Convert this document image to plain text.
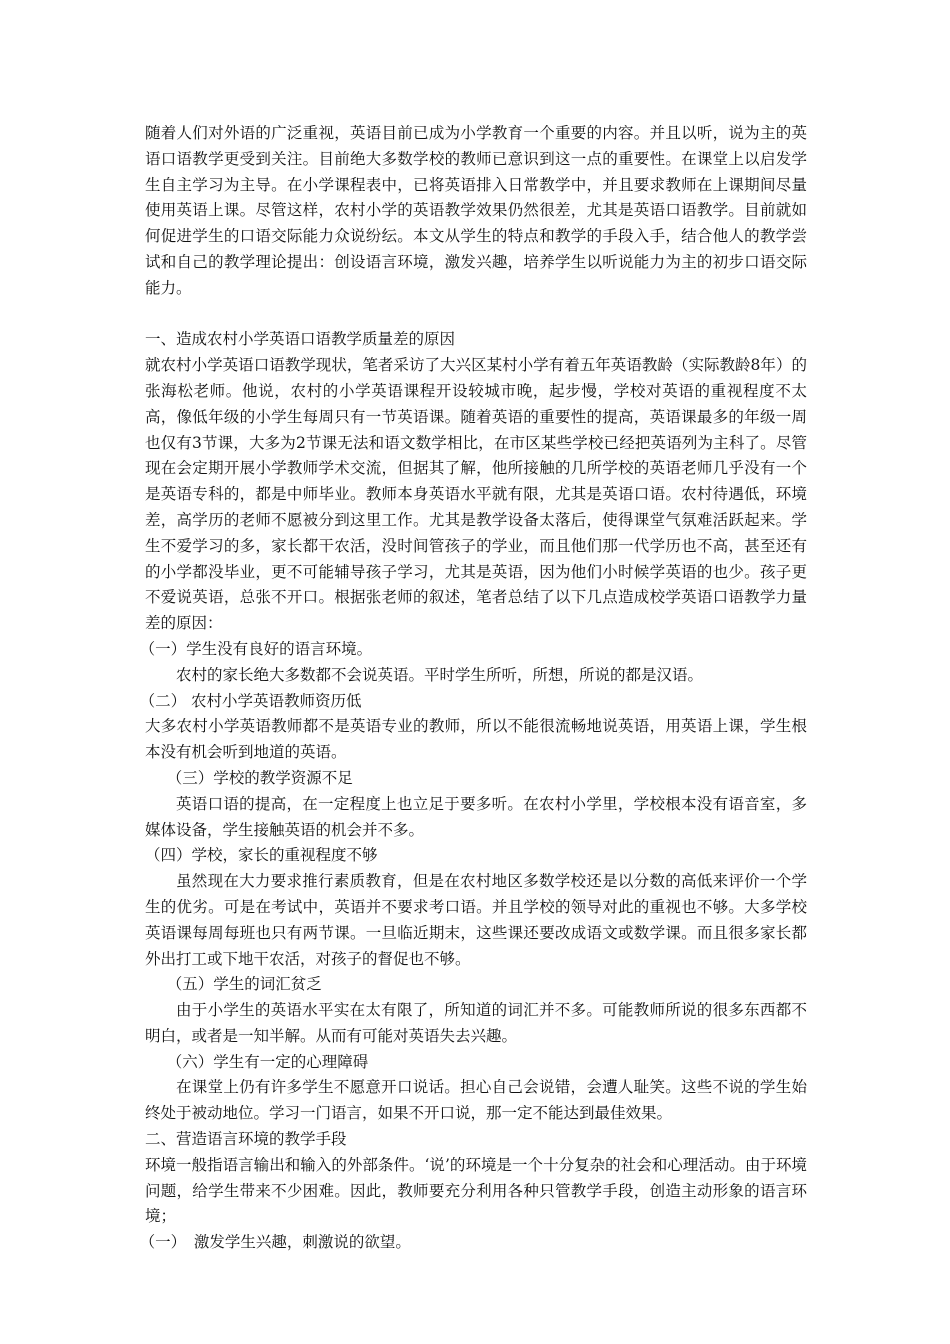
随着人们对外语的广泛重视，英语目前已成为小学教育一个重要的内容。并且以听，说为主的英语口语教学更受到关注。目前绝大多数学校的教师已意识到这一点的重要性。在课堂上以启发学生自主学习为主导。在小学课程表中，已将英语排入日常教学中，并且要求教师在上课期间尽量使用英语上课。尽管这样，农村小学的英语教学效果仍然很差，尤其是英语口语教学。目前就如何促进学生的口语交际能力众说纷纭。本文从学生的特点和教学的手段入手，结合他人的教学尝试和自己的教学理论提出：创设语言环境，激发兴趣，培养学生以听说能力为主的初步口语交际能力。

一、造成农村小学英语口语教学质量差的原因

就农村小学英语口语教学现状，笔者采访了大兴区某村小学有着五年英语教龄（实际教龄8年）的张海松老师。他说，农村的小学英语课程开设较城市晚，起步慢，学校对英语的重视程度不太高，像低年级的小学生每周只有一节英语课。随着英语的重要性的提高，英语课最多的年级一周也仅有3节课，大多为2节课无法和语文数学相比，在市区某些学校已经把英语列为主科了。尽管现在会定期开展小学教师学术交流，但据其了解，他所接触的几所学校的英语老师几乎没有一个是英语专科的，都是中师毕业。教师本身英语水平就有限，尤其是英语口语。农村待遇低，环境差，高学历的老师不愿被分到这里工作。尤其是教学设备太落后，使得课堂气氛难活跃起来。学生不爱学习的多，家长都干农活，没时间管孩子的学业，而且他们那一代学历也不高，甚至还有的小学都没毕业，更不可能辅导孩子学习，尤其是英语，因为他们小时候学英语的也少。孩子更不爱说英语，总张不开口。根据张老师的叙述，笔者总结了以下几点造成校学英语口语教学力量差的原因：

（一）学生没有良好的语言环境。

农村的家长绝大多数都不会说英语。平时学生所听，所想，所说的都是汉语。

（二） 农村小学英语教师资历低

大多农村小学英语教师都不是英语专业的教师，所以不能很流畅地说英语，用英语上课，学生根本没有机会听到地道的英语。

（三）学校的教学资源不足

英语口语的提高，在一定程度上也立足于要多听。在农村小学里，学校根本没有语音室，多媒体设备，学生接触英语的机会并不多。

（四）学校，家长的重视程度不够

虽然现在大力要求推行素质教育，但是在农村地区多数学校还是以分数的高低来评价一个学生的优劣。可是在考试中，英语并不要求考口语。并且学校的领导对此的重视也不够。大多学校英语课每周每班也只有两节课。一旦临近期末，这些课还要改成语文或数学课。而且很多家长都外出打工或下地干农活，对孩子的督促也不够。

（五）学生的词汇贫乏

由于小学生的英语水平实在太有限了，所知道的词汇并不多。可能教师所说的很多东西都不明白，或者是一知半解。从而有可能对英语失去兴趣。

（六）学生有一定的心理障碍

在课堂上仍有许多学生不愿意开口说话。担心自己会说错，会遭人耻笑。这些不说的学生始终处于被动地位。学习一门语言，如果不开口说，那一定不能达到最佳效果。

二、营造语言环境的教学手段

环境一般指语言输出和输入的外部条件。‘说’的环境是一个十分复杂的社会和心理活动。由于环境问题，给学生带来不少困难。因此，教师要充分利用各种只管教学手段，创造主动形象的语言环境；

（一）　激发学生兴趣，刺激说的欲望。
